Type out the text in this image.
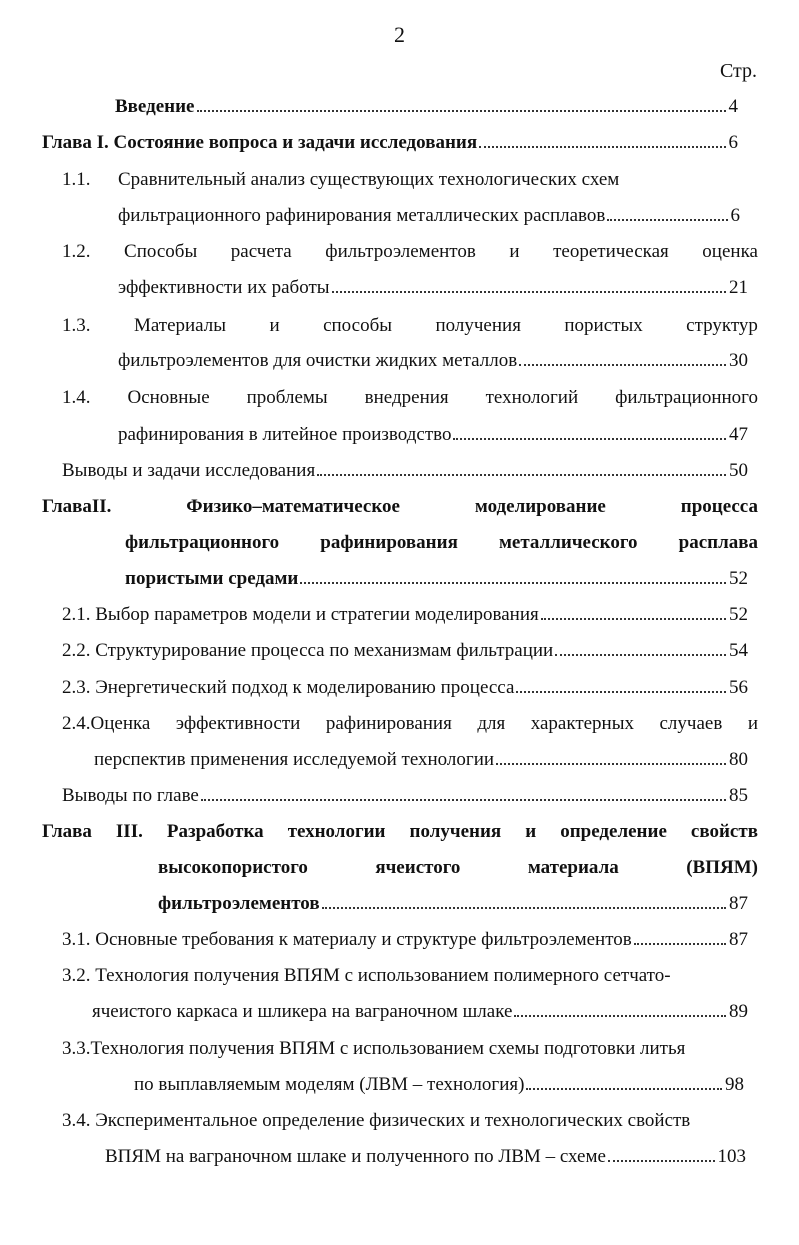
2
Стр.
Введение	4
Глава I. Состояние вопроса и задачи исследования	6
1.1. Сравнительный анализ существующих технологических схем
фильтрационного рафинирования металлических расплавов	6
1.2. Способы расчета фильтроэлементов и теоретическая оценка
эффективности их работы	21
1.3. Материалы и способы получения пористых структур
фильтроэлементов для очистки жидких металлов	30
1.4. Основные проблемы внедрения технологий фильтрационного
рафинирования в литейное производство	47
Выводы и задачи исследования	50
ГлаваII.	Физико–математическое	моделирование	процесса
фильтрационного рафинирования металлического расплава
пористыми средами	52
2.1. Выбор параметров модели и стратегии моделирования	52
2.2. Структурирование процесса по механизмам фильтрации	54
2.3. Энергетический подход к моделированию процесса	56
2.4.Оценка эффективности рафинирования для характерных случаев и
перспектив применения исследуемой технологии	80
Выводы по главе	85
Глава III. Разработка технологии получения и определение свойств
высокопористого	ячеистого	материала	(ВПЯМ)
фильтроэлементов	87
3.1. Основные требования к материалу и структуре фильтроэлементов	87
3.2. Технология получения ВПЯМ с использованием полимерного сетчато-
ячеистого каркаса и шликера на ваграночном шлаке	89
3.3.Технология получения ВПЯМ с использованием схемы подготовки литья
по выплавляемым моделям (ЛВМ – технология)	98
3.4. Экспериментальное определение физических и технологических свойств
ВПЯМ на ваграночном шлаке и полученного по ЛВМ – схеме	103
